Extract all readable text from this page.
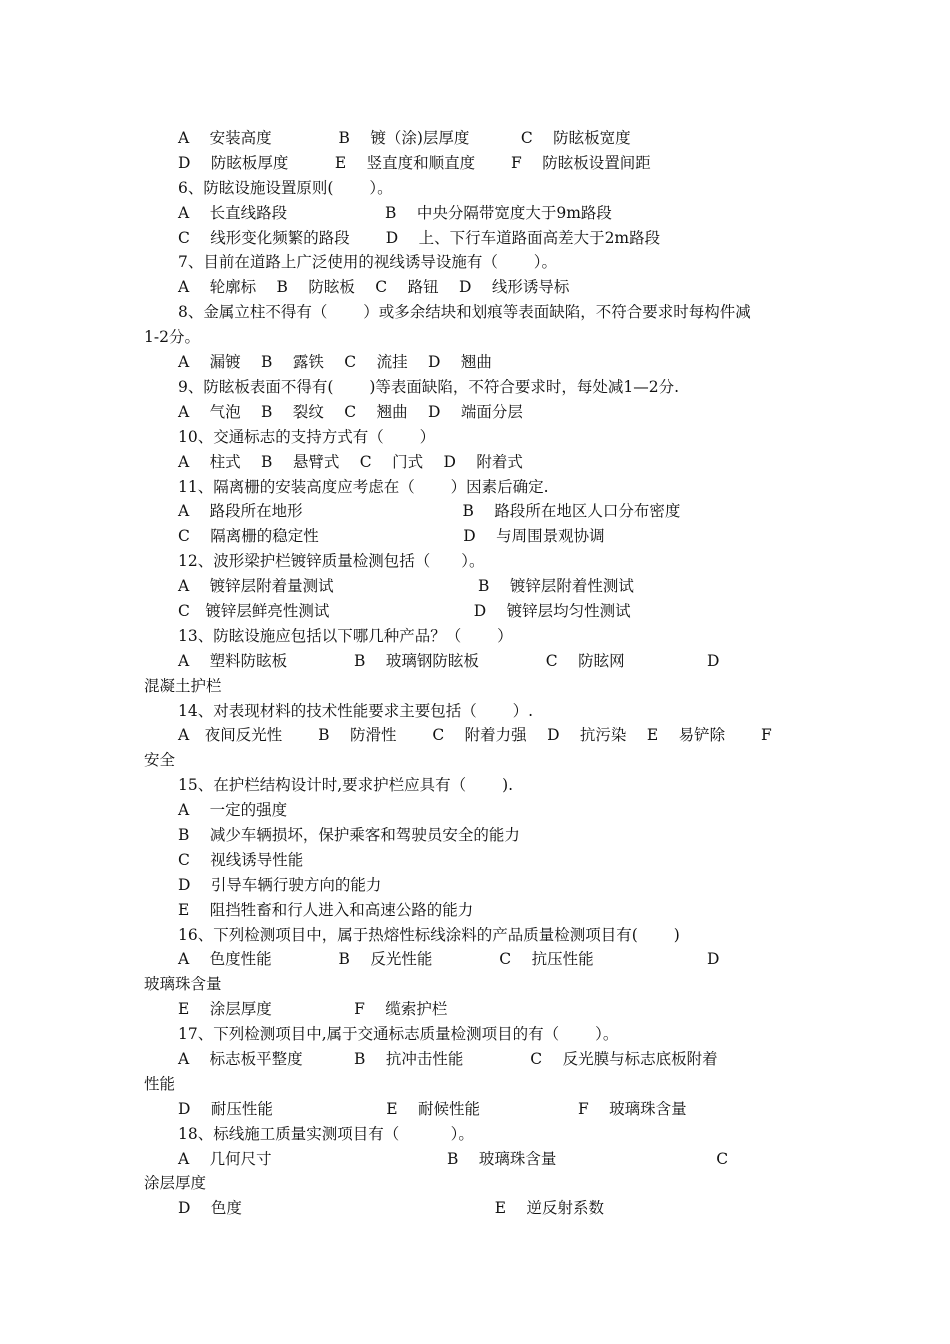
A　 安装高度　　　　 B　 镀（涂)层厚度　　　 C　 防眩板宽度
D　 防眩板厚度　　　E　 竖直度和顺直度　　 F　 防眩板设置间距
6、防眩设施设置原则(　　 ）。
A　 长直线路段　　　　　　 B　 中央分隔带宽度大于9m路段
C　 线形变化频繁的路段　　 D　 上、下行车道路面高差大于2m路段
7、目前在道路上广泛使用的视线诱导设施有（　　 ）。
A　 轮廓标　 B　 防眩板　 C　 路钮　 D　 线形诱导标
8、金属立柱不得有（　　 ）或多余结块和划痕等表面缺陷，不符合要求时每构件减
1-2分。
A　 漏镀　 B　 露铁　 C　 流挂　 D　 翘曲
9、防眩板表面不得有(　　 )等表面缺陷，不符合要求时，每处减1—2分.
A　 气泡　 B　 裂纹　 C　 翘曲　 D　 端面分层
10、交通标志的支持方式有（　　 ）
A　 柱式　 B　 悬臂式　 C　 门式　 D　 附着式
11、隔离栅的安装高度应考虑在（　　 ）因素后确定.
A　 路段所在地形　　　　　　　　　　 B　 路段所在地区人口分布密度
C　 隔离栅的稳定性　　　　　　　　　 D　 与周围景观协调
12、波形梁护栏镀锌质量检测包括（　　）。
A　 镀锌层附着量测试　　　　　　　　　 B　 镀锌层附着性测试
C　镀锌层鲜亮性测试　　　　　　　　　 D　 镀锌层均匀性测试
13、防眩设施应包括以下哪几种产品？（　　 ）
A　 塑料防眩板　　　　 B　 玻璃钢防眩板　　　　 C　 防眩网　　　　　 D
混凝土护栏
14、对表现材料的技术性能要求主要包括（　　 ）.
A　夜间反光性　　 B　 防滑性　　 C　 附着力强　 D　 抗污染　 E　 易铲除　　 F
安全
15、在护栏结构设计时,要求护栏应具有（　　 ).
A　 一定的强度
B　 减少车辆损坏，保护乘客和驾驶员安全的能力
C　 视线诱导性能
D　 引导车辆行驶方向的能力
E　 阻挡牲畜和行人进入和高速公路的能力
16、下列检测项目中，属于热熔性标线涂料的产品质量检测项目有(　　 )
A　 色度性能　　　　 B　 反光性能　　　　 C　 抗压性能　　　　　　　 D
玻璃珠含量
E　 涂层厚度　　　　　 F　 缆索护栏
17、下列检测项目中,属于交通标志质量检测项目的有（　　 ）。
A　 标志板平整度　　　 B　 抗冲击性能　　　　 C　 反光膜与标志底板附着
性能
D　 耐压性能　　　　　　　 E　 耐候性能　　　　　　 F　 玻璃珠含量
18、标线施工质量实测项目有（　　　 ）。
A　 几何尺寸　　　　　　　　　　　 B　 玻璃珠含量　　　　　　　　　　 C
涂层厚度
D　 色度　　　　　　　　　　　　　　　　 E　 逆反射系数
